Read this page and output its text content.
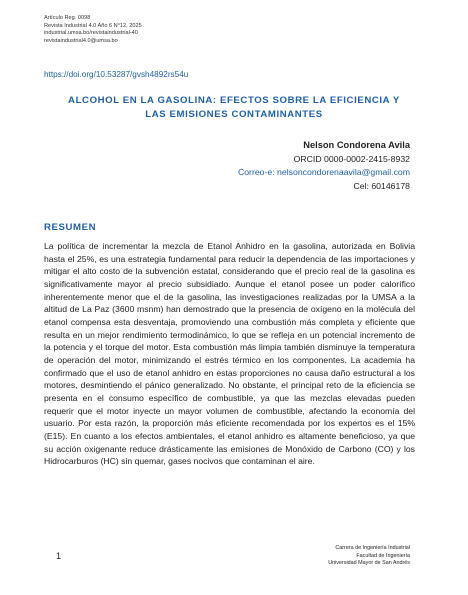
Artículo Reg. 0098
Revista Industrial 4.0 Año 6 N°12, 2025
industrial.umsa.bo/revistaindustrial-40
revistaindustrial4.0@umsa.bo
https://doi.org/10.53287/gvsh4892rs54u
ALCOHOL EN LA GASOLINA: EFECTOS SOBRE LA EFICIENCIA Y
LAS EMISIONES CONTAMINANTES
Nelson Condorena Avila
ORCID 0000-0002-2415-8932
Correo-e: nelsoncondorenaavila@gmail.com
Cel: 60146178
RESUMEN

La política de incrementar la mezcla de Etanol Anhidro en la gasolina, autorizada en Bolivia hasta el 25%, es una estrategia fundamental para reducir la dependencia de las importaciones y mitigar el alto costo de la subvención estatal, considerando que el precio real de la gasolina es significativamente mayor al precio subsidiado. Aunque el etanol posee un poder calorífico inherentemente menor que el de la gasolina, las investigaciones realizadas por la UMSA a la altitud de La Paz (3600 msnm) han demostrado que la presencia de oxígeno en la molécula del etanol compensa esta desventaja, promoviendo una combustión más completa y eficiente que resulta en un mejor rendimiento termodinámico, lo que se refleja en un potencial incremento de la potencia y el torque del motor. Esta combustión más limpia también disminuye la temperatura de operación del motor, minimizando el estrés térmico en los componentes. La academia ha confirmado que el uso de etanol anhidro en estas proporciones no causa daño estructural a los motores, desmintiendo el pánico generalizado. No obstante, el principal reto de la eficiencia se presenta en el consumo específico de combustible, ya que las mezclas elevadas pueden requerir que el motor inyecte un mayor volumen de combustible, afectando la economía del usuario. Por esta razón, la proporción más eficiente recomendada por los expertos es el 15% (E15). En cuanto a los efectos ambientales, el etanol anhidro es altamente beneficioso, ya que su acción oxigenante reduce drásticamente las emisiones de Monóxido de Carbono (CO) y los Hidrocarburos (HC) sin quemar, gases nocivos que contaminan el aire.

1
Carrera de Ingeniería Industrial
Facultad de Ingeniería
Universidad Mayor de San Andrés
